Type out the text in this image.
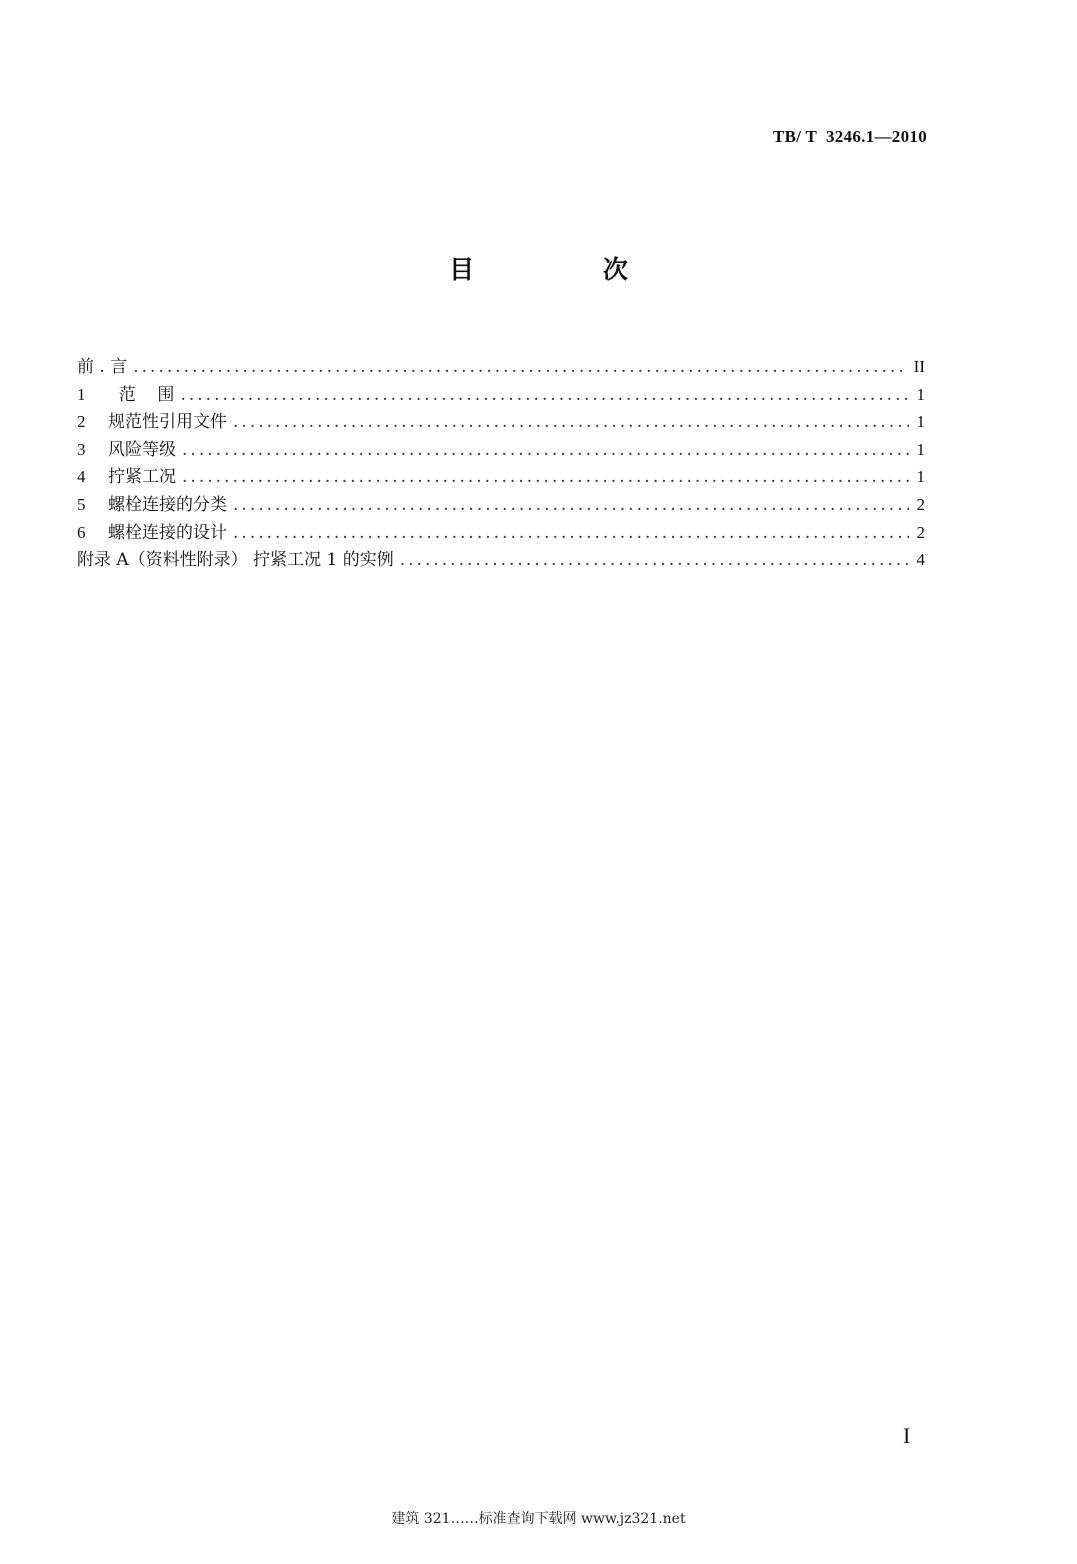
TB/ T  3246.1—2010
目 次
前 . 言 . . .	II
1	范    围 . . .	1
2	规范性引用文件 . . .	1
3	风险等级 . . .	1
4	拧紧工况 . . .	1
5	螺栓连接的分类 . . .	2
6	螺栓连接的设计 . . .	2
附录 A（资料性附录） 拧紧工况 1 的实例 . . .	4
I
建筑 321……标准查询下载网 www.jz321.net
